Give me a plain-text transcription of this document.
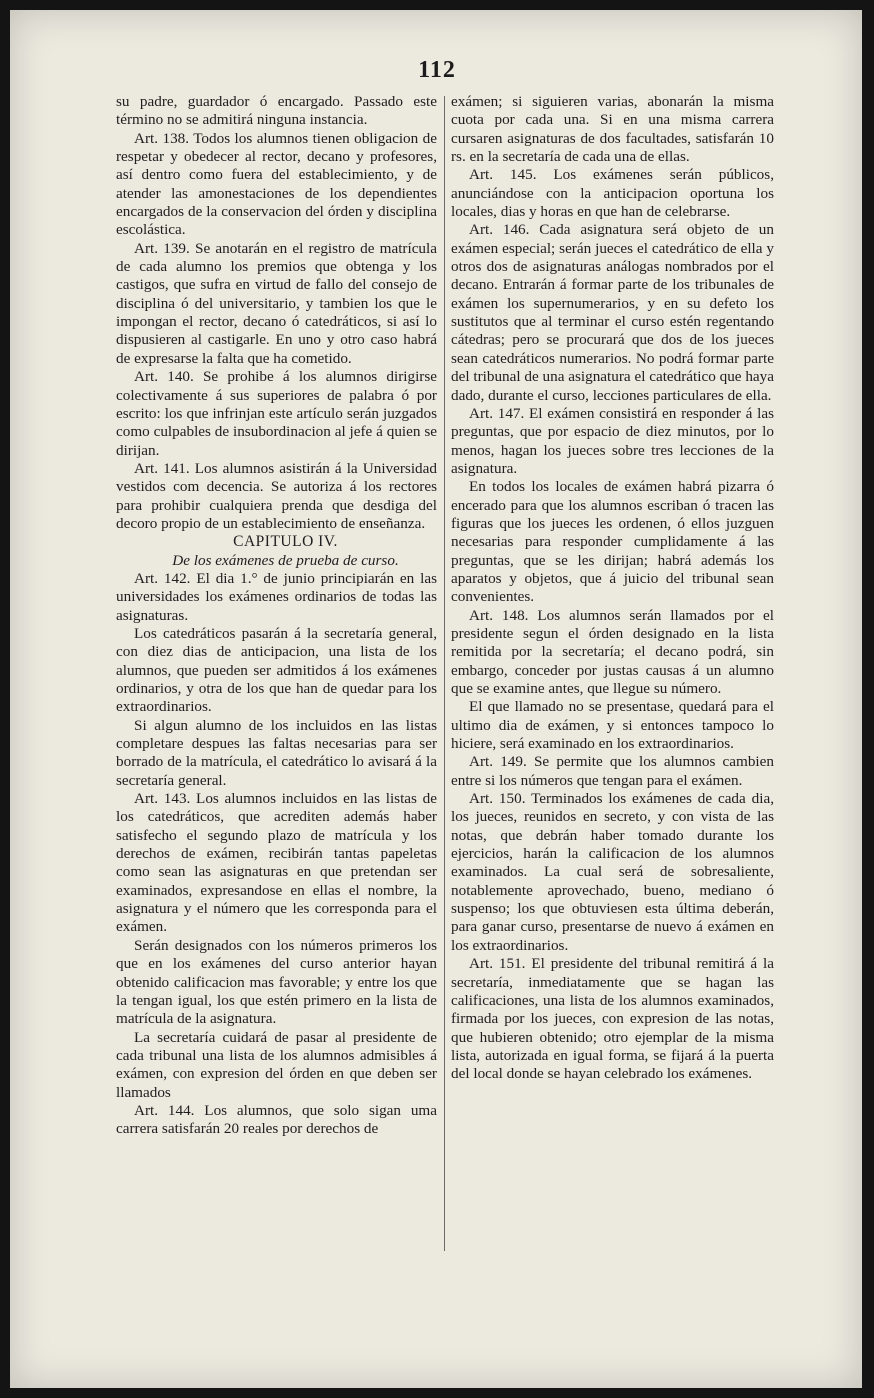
112

su padre, guardador ó encargado. Passado este término no se admitirá ninguna instancia.

Art. 138. Todos los alumnos tienen obligacion de respetar y obedecer al rector, decano y profesores, así dentro como fuera del establecimiento, y de atender las amonestaciones de los dependientes encargados de la conservacion del órden y disciplina escolástica.

Art. 139. Se anotarán en el registro de matrícula de cada alumno los premios que obtenga y los castigos, que sufra en virtud de fallo del consejo de disciplina ó del universitario, y tambien los que le impongan el rector, decano ó catedráticos, si así lo dispusieren al castigarle. En uno y otro caso habrá de expresarse la falta que ha cometido.

Art. 140. Se prohibe á los alumnos dirigirse colectivamente á sus superiores de palabra ó por escrito: los que infrinjan este artículo serán juzgados como culpables de insubordinacion al jefe á quien se dirijan.

Art. 141. Los alumnos asistirán á la Universidad vestidos com decencia. Se autoriza á los rectores para prohibir cualquiera prenda que desdiga del decoro propio de un establecimiento de enseñanza.

CAPITULO IV.

De los exámenes de prueba de curso.

Art. 142. El dia 1.° de junio principiarán en las universidades los exámenes ordinarios de todas las asignaturas.

Los catedráticos pasarán á la secretaría general, con diez dias de anticipacion, una lista de los alumnos, que pueden ser admitidos á los exámenes ordinarios, y otra de los que han de quedar para los extraordinarios.

Si algun alumno de los incluidos en las listas completare despues las faltas necesarias para ser borrado de la matrícula, el catedrático lo avisará á la secretaría general.

Art. 143. Los alumnos incluidos en las listas de los catedráticos, que acrediten además haber satisfecho el segundo plazo de matrícula y los derechos de exámen, recibirán tantas papeletas como sean las asignaturas en que pretendan ser examinados, expresandose en ellas el nombre, la asignatura y el número que les corresponda para el exámen.

Serán designados con los números primeros los que en los exámenes del curso anterior hayan obtenido calificacion mas favorable; y entre los que la tengan igual, los que estén primero en la lista de matrícula de la asignatura.

La secretaría cuidará de pasar al presidente de cada tribunal una lista de los alumnos admisibles á exámen, con expresion del órden en que deben ser llamados

Art. 144. Los alumnos, que solo sigan uma carrera satisfarán 20 reales por derechos de

exámen; si siguieren varias, abonarán la misma cuota por cada una. Si en una misma carrera cursaren asignaturas de dos facultades, satisfarán 10 rs. en la secretaría de cada una de ellas.

Art. 145. Los exámenes serán públicos, anunciándose con la anticipacion oportuna los locales, dias y horas en que han de celebrarse.

Art. 146. Cada asignatura será objeto de un exámen especial; serán jueces el catedrático de ella y otros dos de asignaturas análogas nombrados por el decano. Entrarán á formar parte de los tribunales de exámen los supernumerarios, y en su defeto los sustitutos que al terminar el curso estén regentando cátedras; pero se procurará que dos de los jueces sean catedráticos numerarios. No podrá formar parte del tribunal de una asignatura el catedrático que haya dado, durante el curso, lecciones particulares de ella.

Art. 147. El exámen consistirá en responder á las preguntas, que por espacio de diez minutos, por lo menos, hagan los jueces sobre tres lecciones de la asignatura.

En todos los locales de exámen habrá pizarra ó encerado para que los alumnos escriban ó tracen las figuras que los jueces les ordenen, ó ellos juzguen necesarias para responder cumplidamente á las preguntas, que se les dirijan; habrá además los aparatos y objetos, que á juicio del tribunal sean convenientes.

Art. 148. Los alumnos serán llamados por el presidente segun el órden designado en la lista remitida por la secretaría; el decano podrá, sin embargo, conceder por justas causas á un alumno que se examine antes, que llegue su número.

El que llamado no se presentase, quedará para el ultimo dia de exámen, y si entonces tampoco lo hiciere, será examinado en los extraordinarios.

Art. 149. Se permite que los alumnos cambien entre si los números que tengan para el exámen.

Art. 150. Terminados los exámenes de cada dia, los jueces, reunidos en secreto, y con vista de las notas, que debrán haber tomado durante los ejercicios, harán la calificacion de los alumnos examinados. La cual será de sobresaliente, notablemente aprovechado, bueno, mediano ó suspenso; los que obtuviesen esta última deberán, para ganar curso, presentarse de nuevo á exámen en los extraordinarios.

Art. 151. El presidente del tribunal remitirá á la secretaría, inmediatamente que se hagan las calificaciones, una lista de los alumnos examinados, firmada por los jueces, con expresion de las notas, que hubieren obtenido; otro ejemplar de la misma lista, autorizada en igual forma, se fijará á la puerta del local donde se hayan celebrado los exámenes.
